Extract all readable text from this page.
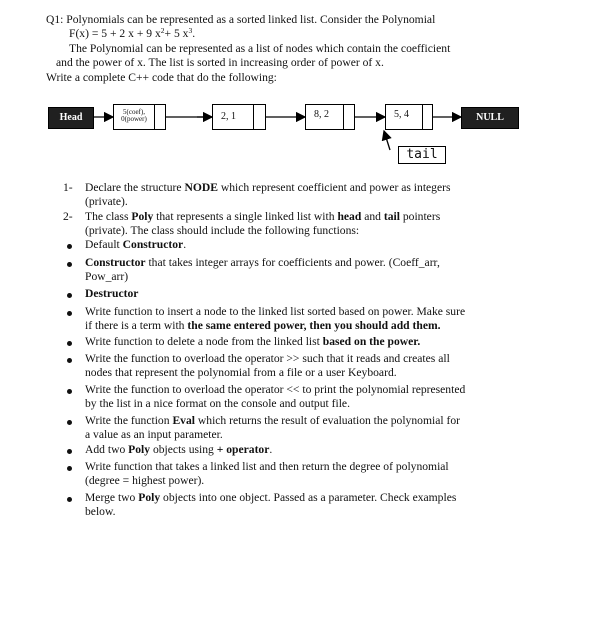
Q1: Polynomials can be represented as a sorted linked list. Consider the Polynomial
F(x) = 5 + 2 x + 9 $x^2+ 5$ $x^3$.
The Polynomial can be represented as a list of nodes which contain the coefficient
and the power of x. The list is sorted in increasing order of power of x.
Write a complete C++ code that do the following:
Head	5(coef),
0(power)	2, 1	8, 2	5, 4	NULL
tail
1- Declare the structure NODE which represent coefficient and power as integers
(private).
2- The class Poly that represents a single linked list with head and tail pointers
(private). The class should include the following functions:
Default Constructor.
Constructor that takes integer arrays for coefficients and power. (Coeff_arr,
Pow_arr)
Destructor
Write function to insert a node to the linked list sorted based on power. Make sure
if there is a term with the same entered power, then you should add them.
Write function to delete a node from the linked list based on the power.
Write the function to overload the operator >> such that it reads and creates all
nodes that represent the polynomial from a file or a user Keyboard.
Write the function to overload the operator << to print the polynomial represented
by the list in a nice format on the console and output file.
Write the function Eval which returns the result of evaluation the polynomial for
a value as an input parameter.
Add two Poly objects using + operator.
Write function that takes a linked list and then return the degree of polynomial
(degree = highest power).
Merge two Poly objects into one object. Passed as a parameter. Check examples
below.
